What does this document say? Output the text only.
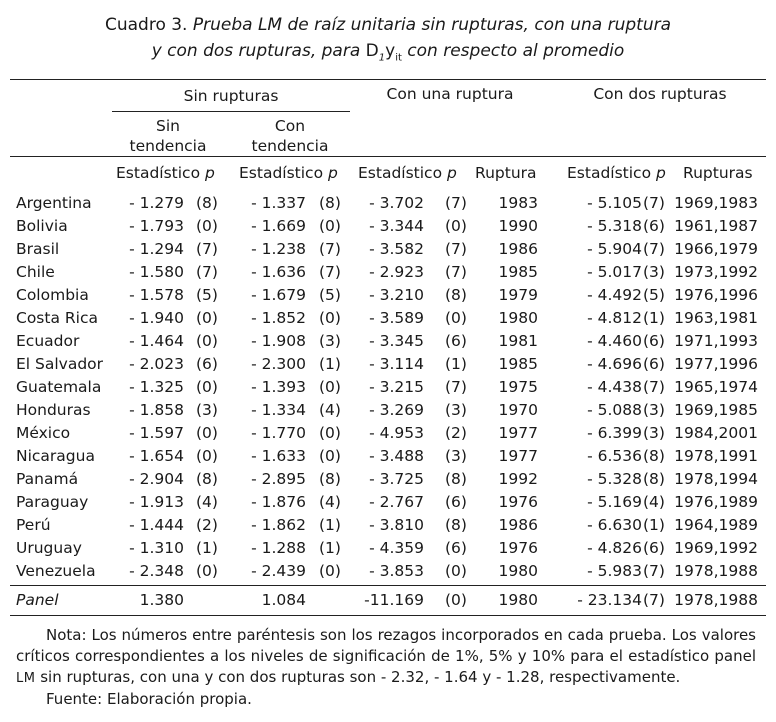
Cuadro 3. Prueba LM de raíz unitaria sin rupturas, con una ruptura
y con dos rupturas, para $D_1y_{it}$ con respecto al promedio
Sin rupturas	Con una ruptura	Con dos rupturas
Sin
tendencia
Con
tendencia
Estadístico p Estadístico p Estadístico p Ruptura Estadístico p Rupturas
Argentina	- 1.279 (8)	- 1.337 (8)	- 3.702 (7)	1983	- 5.105 (7) 1969,1983
Bolivia	- 1.793 (0)	- 1.669 (0)	- 3.344 (0)	1990	- 5.318 (6) 1961,1987
Brasil	- 1.294 (7)	- 1.238 (7)	- 3.582 (7)	1986	- 5.904 (7) 1966,1979
Chile	- 1.580 (7)	- 1.636 (7)	- 2.923 (7)	1985	- 5.017 (3) 1973,1992
Colombia	- 1.578 (5)	- 1.679 (5)	- 3.210 (8)	1979	- 4.492 (5) 1976,1996
Costa Rica	- 1.940 (0)	- 1.852 (0)	- 3.589 (0)	1980	- 4.812 (1) 1963,1981
Ecuador	- 1.464 (0)	- 1.908 (3)	- 3.345 (6)	1981	- 4.460 (6) 1971,1993
El Salvador	- 2.023 (6)	- 2.300 (1)	- 3.114 (1)	1985	- 4.696 (6) 1977,1996
Guatemala	- 1.325 (0)	- 1.393 (0)	- 3.215 (7)	1975	- 4.438 (7) 1965,1974
Honduras	- 1.858 (3)	- 1.334 (4)	- 3.269 (3)	1970	- 5.088 (3) 1969,1985
México	- 1.597 (0)	- 1.770 (0)	- 4.953 (2)	1977	- 6.399 (3) 1984,2001
Nicaragua	- 1.654 (0)	- 1.633 (0)	- 3.488 (3)	1977	- 6.536 (8) 1978,1991
Panamá	- 2.904 (8)	- 2.895 (8)	- 3.725 (8)	1992	- 5.328 (8) 1978,1994
Paraguay	- 1.913 (4)	- 1.876 (4)	- 2.767 (6)	1976	- 5.169 (4) 1976,1989
Perú	- 1.444 (2)	- 1.862 (1)	- 3.810 (8)	1986	- 6.630 (1) 1964,1989
Uruguay	- 1.310 (1)	- 1.288 (1)	- 4.359 (6)	1976	- 4.826 (6) 1969,1992
Venezuela	- 2.348 (0)	- 2.439 (0)	- 3.853 (0)	1980	- 5.983 (7) 1978,1988
Panel	1.380	1.084	-11.169 (0)	1980	- 23.134 (7) 1978,1988
Nota: Los números entre paréntesis son los rezagos incorporados en cada prueba. Los valores críticos correspondientes a los niveles de significación de 1%, 5% y 10% para el estadístico panel LM sin rupturas, con una y con dos rupturas son - 2.32, - 1.64 y - 1.28, respectivamente.
Fuente: Elaboración propia.
